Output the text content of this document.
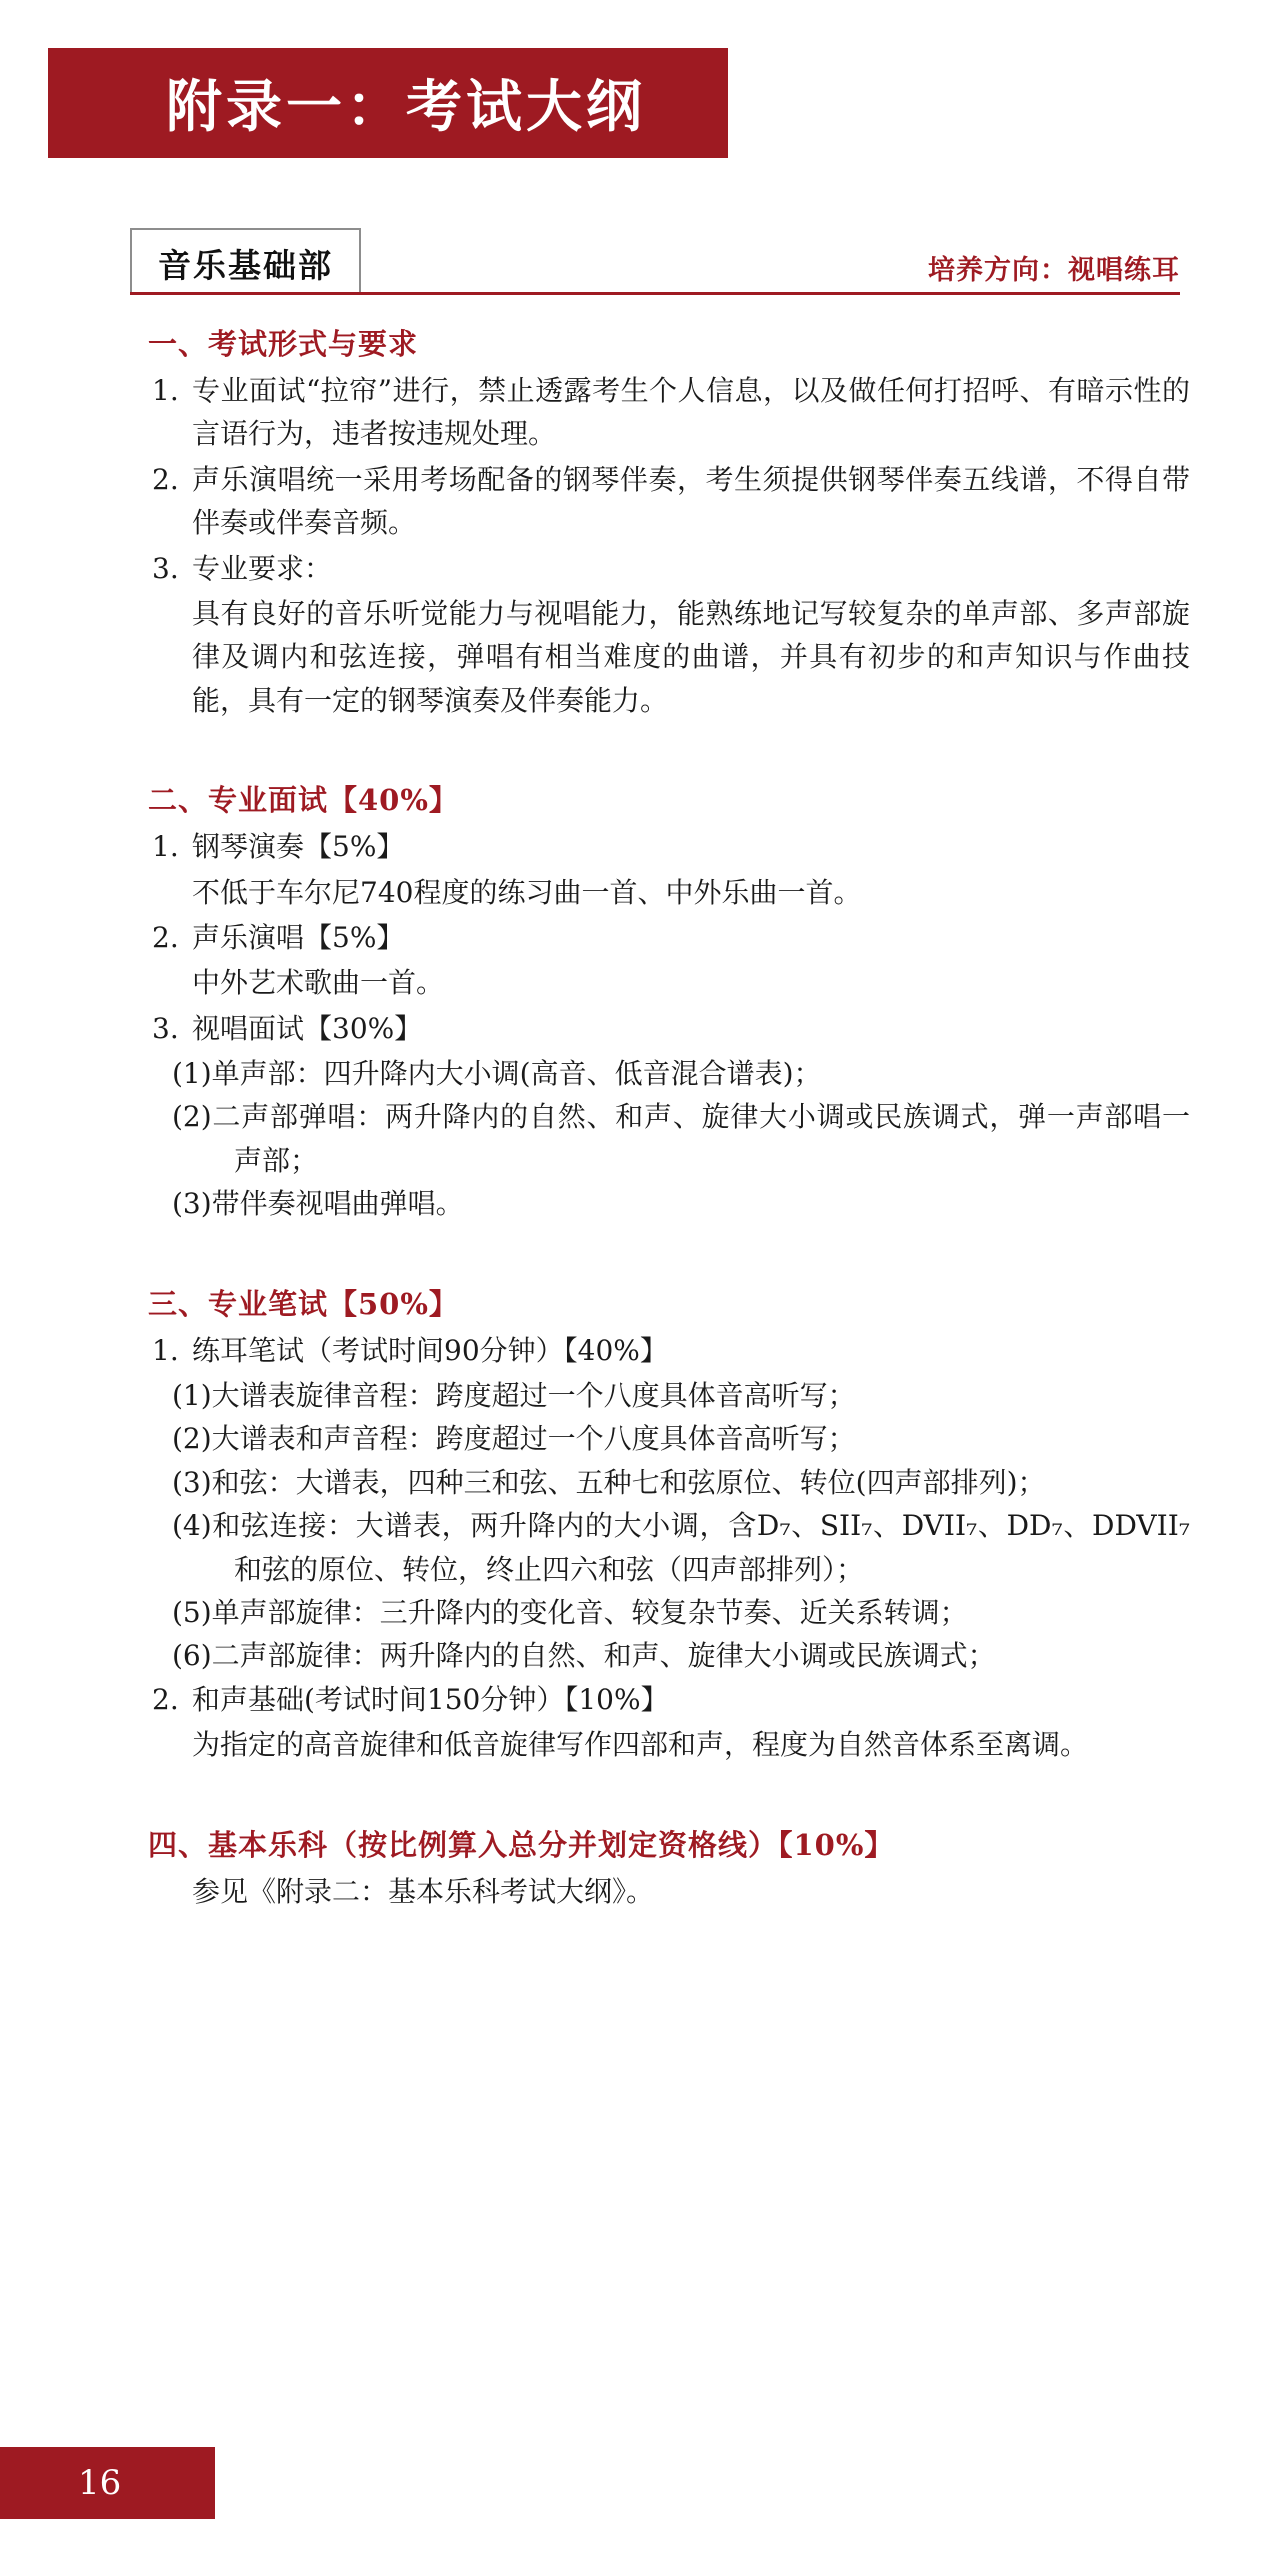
附录一：考试大纲
音乐基础部	培养方向：视唱练耳
一、考试形式与要求
1. 专业面试“拉帘”进行，禁止透露考生个人信息，以及做任何打招呼、有暗示性的言语行为，违者按违规处理。
2. 声乐演唱统一采用考场配备的钢琴伴奏，考生须提供钢琴伴奏五线谱，不得自带伴奏或伴奏音频。
3. 专业要求：

具有良好的音乐听觉能力与视唱能力，能熟练地记写较复杂的单声部、多声部旋律及调内和弦连接，弹唱有相当难度的曲谱，并具有初步的和声知识与作曲技能，具有一定的钢琴演奏及伴奏能力。

二、专业面试【40%】
1. 钢琴演奏【5%】
不低于车尔尼740程度的练习曲一首、中外乐曲一首。
2. 声乐演唱【5%】
中外艺术歌曲一首。
3. 视唱面试【30%】

(1)单声部：四升降内大小调(高音、低音混合谱表)；

(2)二声部弹唱：两升降内的自然、和声、旋律大小调或民族调式，弹一声部唱一声部；

(3)带伴奏视唱曲弹唱。

三、专业笔试【50%】
1. 练耳笔试（考试时间90分钟）【40%】

(1)大谱表旋律音程：跨度超过一个八度具体音高听写；

(2)大谱表和声音程：跨度超过一个八度具体音高听写；

(3)和弦：大谱表，四种三和弦、五种七和弦原位、转位(四声部排列)；

(4)和弦连接：大谱表，两升降内的大小调，含D₇、SII₇、DVII₇、DD₇、DDVII₇和弦的原位、转位，终止四六和弦（四声部排列）；

(5)单声部旋律：三升降内的变化音、较复杂节奏、近关系转调；

(6)二声部旋律：两升降内的自然、和声、旋律大小调或民族调式；

2. 和声基础(考试时间150分钟）【10%】

为指定的高音旋律和低音旋律写作四部和声，程度为自然音体系至离调。

四、基本乐科（按比例算入总分并划定资格线）【10%】

参见《附录二：基本乐科考试大纲》。

16
